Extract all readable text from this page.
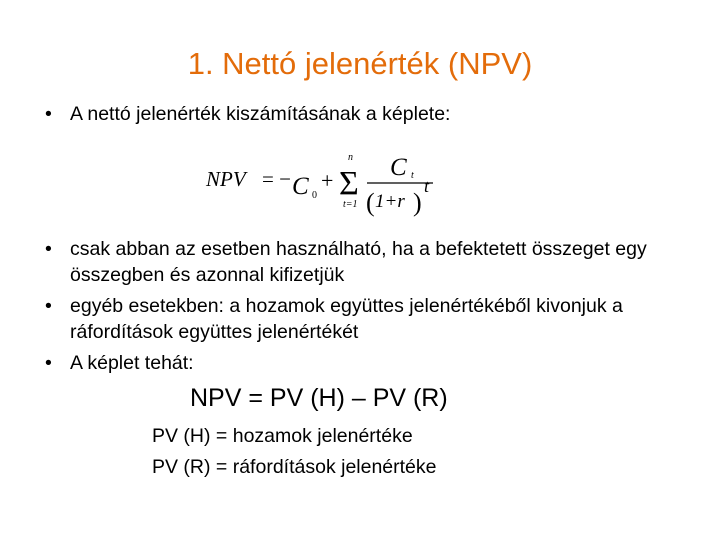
1. Nettó jelenérték (NPV)
• A nettó jelenérték kiszámításának a képlete:
NPV = − C 0
+ Σ
n
t=1
C t
( 1+r )
t
• csak abban az esetben használható, ha a befektetett összeget egy összegben és azonnal kifizetjük
• egyéb esetekben: a hozamok együttes jelenértékéből kivonjuk a ráfordítások együttes jelenértékét
• A képlet tehát:
NPV = PV (H) – PV (R)
PV (H) = hozamok jelenértéke
PV (R) = ráfordítások jelenértéke
